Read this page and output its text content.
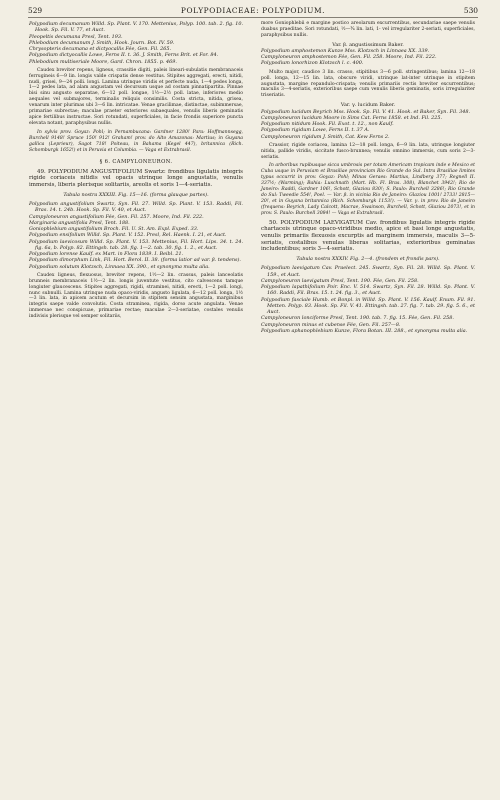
529	POLYPODIACEAE: POLYPODIUM.	530

Polypodium decumanum Willd. Sp. Plant. V. 170. Mettenius, Polyp. 100. tab. 2. fig. 10. Hook. Sp. Fil. V. 77, et Auct.

Pleopeltis decumana Presl, Tent. 193.

Phlebodium decumanum J. Smith, Hook. Journ. Bot. IV. 59.

Chrysopteris decumana et dictyocallis Fée, Gen. Fil. 265.

Polypodium dictyocallis Lowe, Ferns II. t. 36. J. Smith, Ferns Brit. et For. 84.

Phlebodium multiseriale Moore, Gard. Chron. 1855. p. 469.

Caudex breviter repens, ligneus, crassitie digiti, paleis lineari-subulatis membranaceis ferrugineis 6—9 lin. longis valde crispatis dense vestitus. Stipites aggregati, erecti, nitidi, nudi, grisei, 9—24 polli. longi. Lamina utrinque viridis et perfecte nuda, 1—4 pedes longa, 1—2 pedes lata, ad alam angustam vel decursum usque ad costam pinnatipartita. Pinnae bisi sinu angusto separatae, 6—12 poll. longae, 1½—2½ poll. latae, inferiores medio aequales vel submajores, terminalis reliquis consimilis. Costa stricta, nitida, grisea, venarum inter plurimas ubi 3—6 lin. intricatae. Venae gracilimae, distinctae, subimmersae, primariae subrectae; maculae praeter exteriores subaequales, venulis liberis geminatis apice fertilibus instructae. Sori rotundati, superficiales, in facie frondis superiore puncta elevata notant, paraphysibus nullis.

In sylvis prov. Goyaz: Pohl; in Pernambucana: Gardner 1280! Para: Hoffmannsegg, Burchell 9148! Spruce 150! 912! Graham! prov. do Alto Amazonas: Martius; in Guyana gallica (Leprieur), Sagot 718! Poiteau, in Bahama (Kegel 447), britannica (Rich. Schomburgk 1652!) et in Peruvia et Columbia. — Vaga et Extrabrasil.

§ 6. CAMPYLONEURON.

49. POLYPODIUM ANGUSTIFOLIUM Swartz: frondibus ligulatis integris rigide coriaceis nitidis vel opacis utrinque longe angustatis, venulis immersis, liberis plerisque solitariis, areolis et soris 1—4-seriatis.

Tabula nostra XXXIII. Fig. 15—16. (forma glauque partes).

Polypodium angustifolium Swartz, Syn. Fil. 27. Willd. Sp. Plant. V. 153. Raddi, Fil. Bras. 14. t. 24b. Hook. Sp. Fil. V. 40, et Auct.

Campyloneuron angustifolium Fée, Gen. Fil. 257. Moore, Ind. Fil. 222.

Marginaria angustifolia Presl, Tent. 188.

Goniophlebium angustifolium Broch. Fil. U. St. Am. Expl. Exped. 33.

Polypodium ensifolium Willd. Sp. Plant. V. 152. Presl, Rel. Haenk. I. 21, et Auct.

Polypodium laevicosum Willd. Sp. Plant. V. 153. Mettenius, Fil. Hort. Lips. 34. t. 24. fig. 6a, b. Polyp. 82. Ettingsh. tab. 28. fig. 1—2. tab. 30. fig. 1. 2., et Auct.

Polypodium lorense Kaulf. ex Mart. in Flora 1839. I. Beibl. 21.

Polypodium dimorphum Link, Fil. Hort. Berol. II. 38. (forma latior ad var. β. tendens).

Polypodium solutum Klotzsch, Linnaea XX. 390., et synonyma multa alia.

Caudex ligneus, flexuosus, breviter repens, 1½—2 lin. crassus, paleis lanceolatis brunneis membranaceis 1½—2 lin. longis juventute vestitus, cito calvescens tamque longiuter glaucescens. Stipites aggregati, rigidi, straminei, nitidi, erecti, 1—2 poll. longi, nunc subnulli. Lamina utrinque nuda opaco-viridis, angusto ligulata, 6—12 poll. longa, 1½—3 lin. lata, in apicem acutum et decursim in stipitem sensim angustata, marginibus integris saepe valde convolutis. Costa straminea, rigida, dorso acute angulata. Venae immersae nec conspicuae, primariae rectae; maculae 2—3-seriatae, costales venulis indivisis plerisque vel semper solitariis,

more Goniophlebii e margine postico areolarum excurrentibus, secundariae saepe venulis duabus praeditae. Sori rotundati, ½—¾ lin. lati, 1- vel irregulariter 2-seriati, superficiales, paraphysibus nullis.

Var. β. angustissimum Baker.

Polypodium amphostemon Kunze Mss. Klotzsch in Linnaea XX. 339.

Campyloneuron amphostemon Fée, Gen. Fil. 258. Moore, Ind. Fil. 222.

Polypodium lonorhizon Klotzsch l. c. 400.

Multo major, caudice 3 lin. crasso, stipitibus 3—6 poll. stringentibus; lamina 12—18 poll. longa, 12—15 lin. lata, obscure viridi, utrinque lat-inter utrinque in stipitem augustata, margine repandulo-crispata; venulis primariis rectis breviter excurrentibus; maculis 3—4-seriatis, exterioribus saepe cum venulis liberis geminatis, soris irregulariter triseriatis.

Var. γ. lucidum Baker.

Polypodium lucidum Beyrich Mss. Hook. Sp. Fil. V. 41. Hook. et Baker, Syn. Fil. 348.

Campyloneuron lucidum Moore in Sims Cat. Ferns 1858. et Ind. Fil. 225.

Polypodium nitidum Hook. Fil. Exot. t. 12., non Kaulf.

Polypodium rigidum Lowe, Ferns II. t. 37 A.

Campyloneuron rigidum J. Smith, Cat. Kew Ferns 2.

Crassior, rigide coriacea, lamina 12—18 poll. longa, 6—9 lin. lata, utrinque longiuter nitida, pallide viridis, siccitate fusco-brunnea; venulis omnino immersis, cum soris 2—3-seriatis.

In arboribus rupibusque sicca umbrosis per totam Americam tropicam inde e Mexico et Cuba usque in Peruviam et Brasiliae provinciam Rio Grande do Sul. Intra Brasiliae limites typus occurrit in prov. Goyaz: Pohl; Minas Geraes: Martius, Lindberg 377; Regnell II. 337½; (Warming); Bahia: Luschnath (Mart. Hb. Fl. Bras. 308), Blanchet 3942!; Rio de Janeiro: Raddi, Gardner 106!, Schott, Glaziou 830!; S. Paulo: Burchell 3286!; Rio Grande do Sul: Tweedie 554!, Poel. — Var. β. in vicinia Rio de Janeiro: Glaziou 1001! 2733! 2815—20!, et in Guyana britannica (Rich. Schomburgk 1153!). — Var. γ. in prov. Rio de Janeiro (frequens: Beyrich, Lady Calcott, Macrae, Swainson, Burchell, Schott, Glaziou 2073!, et in prov. S. Paulo: Burchell 3084! — Vaga et Extrabrasil.

50. POLYPODIUM LAEVIGATUM Cav. frondibus ligulatis integris rigide chartaceis utrinque opaco-viridibus medio, apice et basi longe angustatis, venulis primariis flexuosis excurptis ad marginem immersis, maculis 3—5-seriatis, costalibus venulas liberas solitarias, exterioribus geminatas includentibus; soris 3—4-seriatis.

Tabula nostra XXXIV. Fig. 2—4. (frondem et frondis pars).

Polypodium laevigatum Cav. Praelect. 245. Swartz, Syn. Fil. 28. Willd. Sp. Plant. V. 159., et Auct.

Campyloneuron laevigatum Presl, Tent. 190. Fée, Gen. Fil. 258.

Polypodium lapathifolium Poir. Enc. V. 514. Swartz, Syn. Fil. 28. Willd. Sp. Plant. V. 160. Raddi, Fil. Bras. 15. t. 24. fig. 3., et Auct.

Polypodium fasciale Humb. et Bonpl. in Willd. Sp. Plant. V. 156. Kaulf. Enum. Fil. 91. Metten. Polyp. 83. Hook. Sp. Fil. V. 41. Ettingsh. tab. 27. fig. 7. tab. 29. fig. 5. 6., et Auct.

Campyloneuron lonciforme Presl, Tent. 190. tab. 7. fig. 15. Fée, Gen. Fil. 258.

Campyloneuron minus et cubense Fée, Gen. Fil. 257—8.

Polypodium aphanophlebium Kunze, Flora Botan. III. 288., et synonyma multa alia.
